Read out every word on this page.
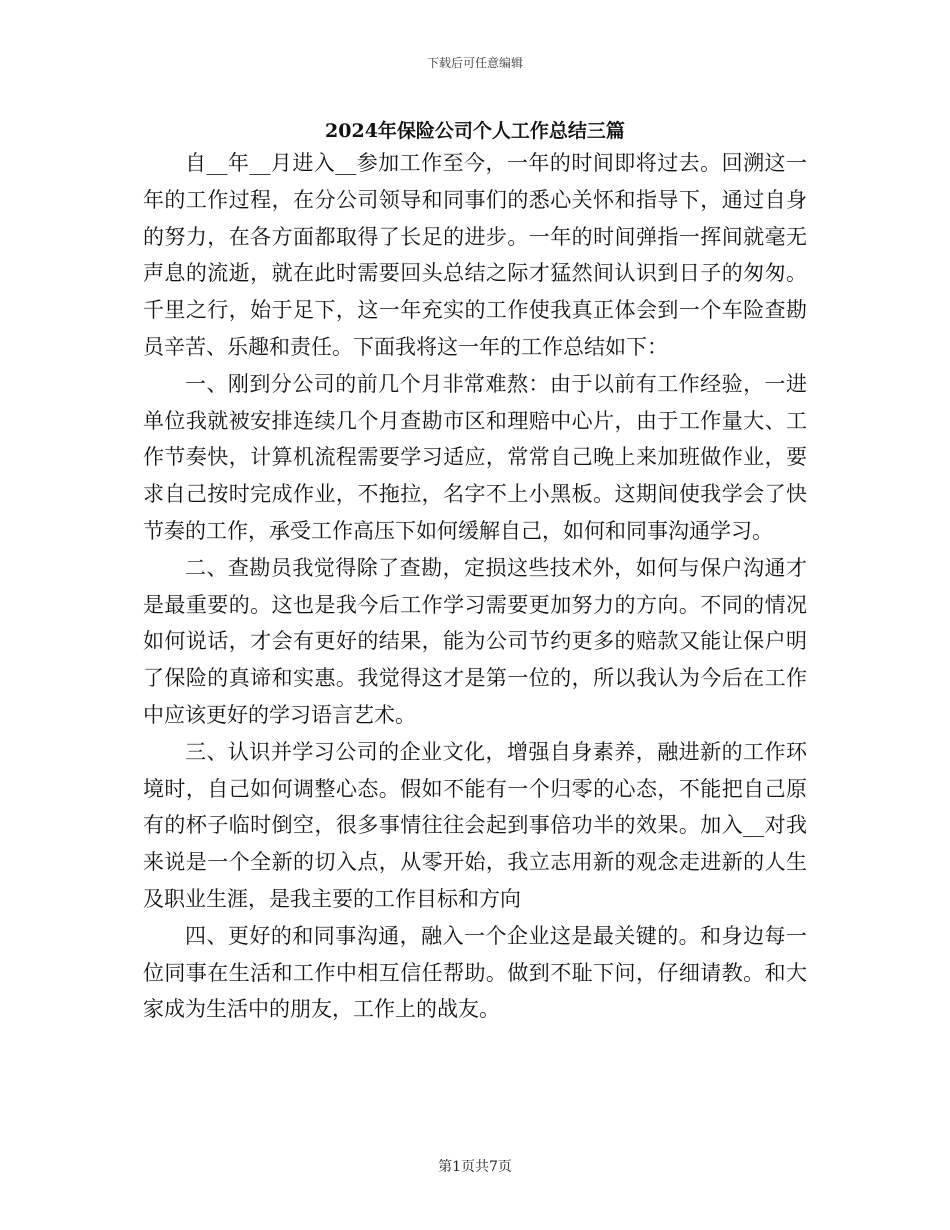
下载后可任意编辑
2024年保险公司个人工作总结三篇

自__年__月进入__参加工作至今，一年的时间即将过去。回溯这一年的工作过程，在分公司领导和同事们的悉心关怀和指导下，通过自身的努力，在各方面都取得了长足的进步。一年的时间弹指一挥间就毫无声息的流逝，就在此时需要回头总结之际才猛然间认识到日子的匆匆。千里之行，始于足下，这一年充实的工作使我真正体会到一个车险查勘员辛苦、乐趣和责任。下面我将这一年的工作总结如下：

一、刚到分公司的前几个月非常难熬：由于以前有工作经验，一进单位我就被安排连续几个月查勘市区和理赔中心片，由于工作量大、工作节奏快，计算机流程需要学习适应，常常自己晚上来加班做作业，要求自己按时完成作业，不拖拉，名字不上小黑板。这期间使我学会了快节奏的工作，承受工作高压下如何缓解自己，如何和同事沟通学习。

二、查勘员我觉得除了查勘，定损这些技术外，如何与保户沟通才是最重要的。这也是我今后工作学习需要更加努力的方向。不同的情况如何说话，才会有更好的结果，能为公司节约更多的赔款又能让保户明了保险的真谛和实惠。我觉得这才是第一位的，所以我认为今后在工作中应该更好的学习语言艺术。

三、认识并学习公司的企业文化，增强自身素养，融进新的工作环境时，自己如何调整心态。假如不能有一个归零的心态，不能把自己原有的杯子临时倒空，很多事情往往会起到事倍功半的效果。加入__对我来说是一个全新的切入点，从零开始，我立志用新的观念走进新的人生及职业生涯，是我主要的工作目标和方向

四、更好的和同事沟通，融入一个企业这是最关键的。和身边每一位同事在生活和工作中相互信任帮助。做到不耻下问，仔细请教。和大家成为生活中的朋友，工作上的战友。

第1页共7页
